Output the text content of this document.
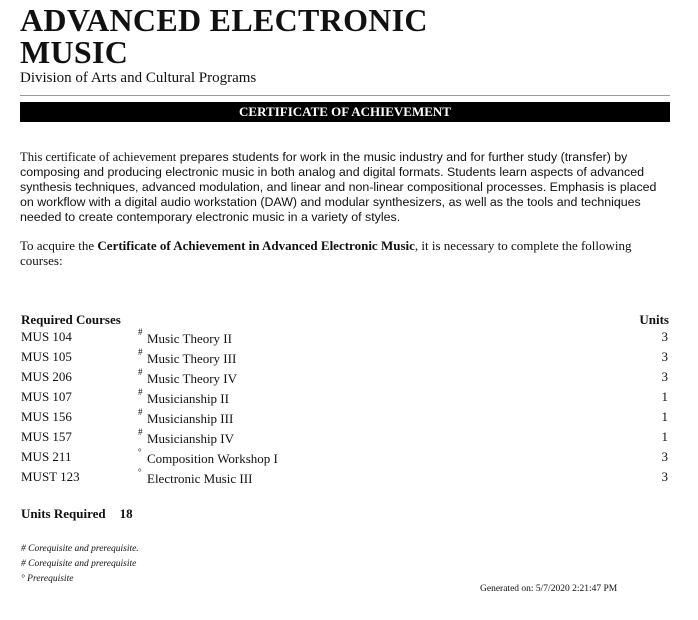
ADVANCED ELECTRONIC MUSIC
Division of Arts and Cultural Programs
CERTIFICATE OF ACHIEVEMENT
This certificate of achievement prepares students for work in the music industry and for further study (transfer) by composing and producing electronic music in both analog and digital formats. Students learn aspects of advanced synthesis techniques, advanced modulation, and linear and non-linear compositional processes. Emphasis is placed on workflow with a digital audio workstation (DAW) and modular synthesizers, as well as the tools and techniques needed to create contemporary electronic music in a variety of styles.
To acquire the Certificate of Achievement in Advanced Electronic Music, it is necessary to complete the following courses:
Required Courses	Units
MUS 104	# Music Theory II	3
MUS 105	# Music Theory III	3
MUS 206	# Music Theory IV	3
MUS 107	# Musicianship II	1
MUS 156	# Musicianship III	1
MUS 157	# Musicianship IV	1
MUS 211	° Composition Workshop I	3
MUST 123	° Electronic Music III	3
Units Required 18
# Corequisite and prerequisite.
# Corequisite and prerequisite
° Prerequisite
Generated on: 5/7/2020 2:21:47 PM
